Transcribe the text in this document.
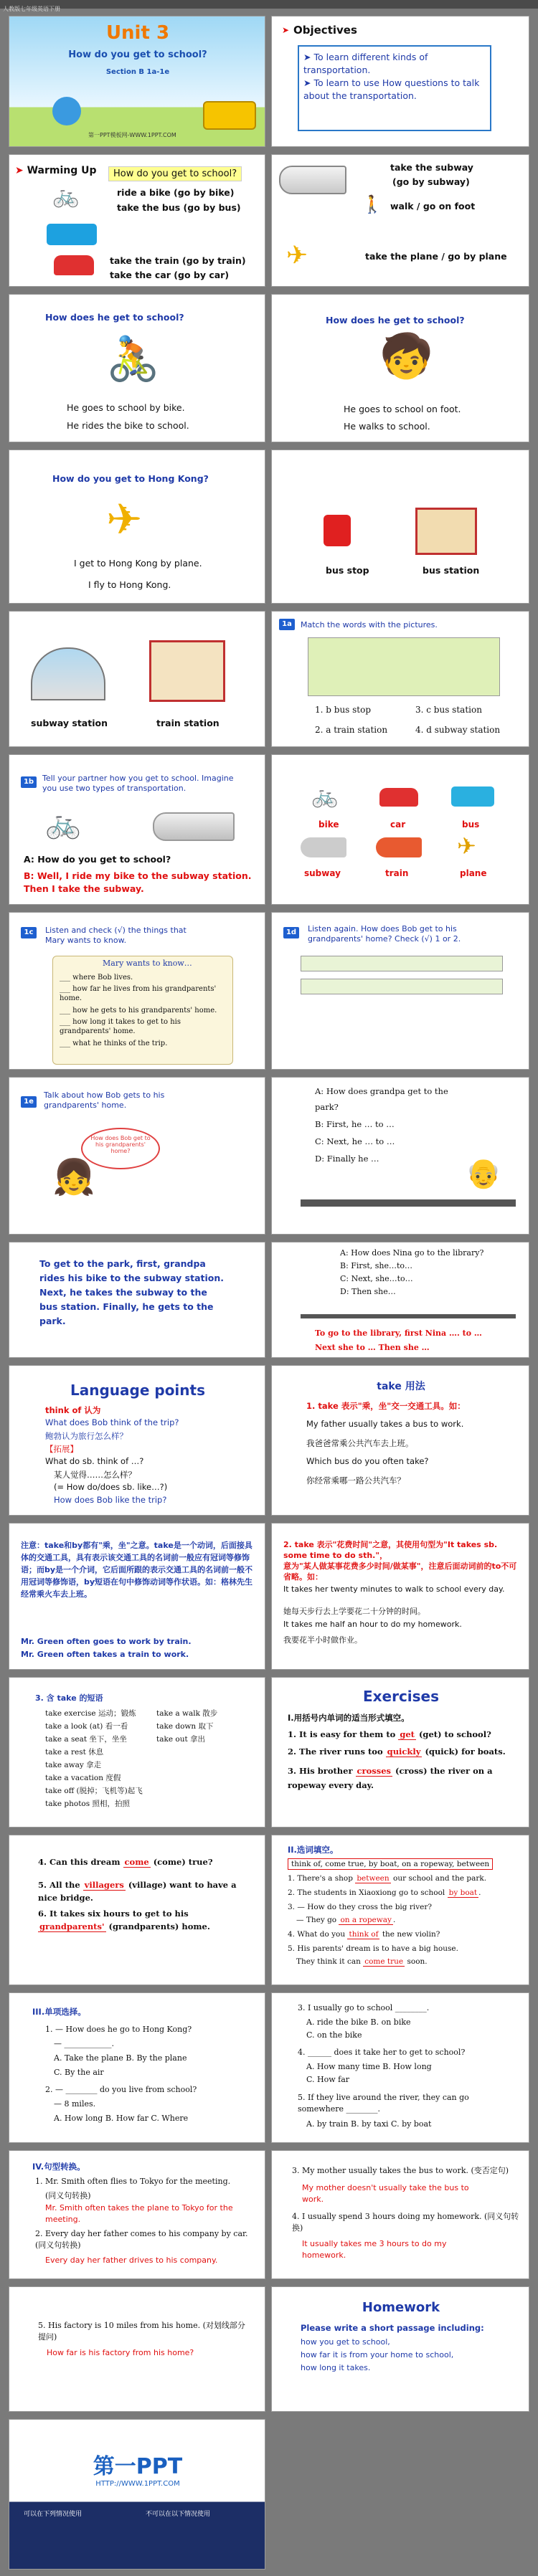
人教版七年级英语下册
Unit 3
How do you get to school?
Section B 1a-1e
第一PPT模板网-WWW.1PPT.COM
➤ Objectives
➤ To learn different kinds of transportation.
➤ To learn to use How questions to talk about the transportation.
➤ Warming Up	How do you get to school?
🚲	ride a bike (go by bike)
take the bus (go by bus)
take the train (go by train)
take the car (go by car)
take the subway
(go by subway)
🚶 walk / go on foot
✈	take the plane / go by plane
How does he get to school?
🚴
He goes to school by bike.
He rides the bike to school.
How does he get to school?
🧒
He goes to school on foot.
He walks to school.
How do you get to Hong Kong?
✈
I get to Hong Kong by plane.
I fly to Hong Kong.
bus stop	bus station
subway station	train station
1a	Match the words with the pictures.
1. b bus stop	3. c bus station
2. a train station	4. d subway station
1b	Tell your partner how you get to school. Imagine you use two types of transportation.
🚲
A: How do you get to school?
B: Well, I ride my bike to the subway station. Then I take the subway.
🚲
bike	car	bus
✈
subway	train	plane
1c	Listen and check (√) the things that Mary wants to know.
Mary wants to know…
___ where Bob lives.
___ how far he lives from his grandparents' home.
___ how he gets to his grandparents' home.
___ how long it takes to get to his grandparents' home.
___ what he thinks of the trip.
1d	Listen again. How does Bob get to his grandparents' home? Check (√) 1 or 2.
1e
Talk about how Bob gets to his grandparents' home.
How does Bob get to his grandparents' home?
👧
A: How does grandpa get to the
park?
B: First, he … to …
C: Next, he … to …
D: Finally he …	👴
To get to the park, first, grandpa rides his bike to the subway station. Next, he takes the subway to the bus station. Finally, he gets to the park.
A: How does Nina go to the library?
B: First, she…to…
C: Next, she…to…
D: Then she…
To go to the library, first Nina …. to …
Next she to … Then she …
Language points
think of 认为
What does Bob think of the trip?
鲍勃认为旅行怎么样？
【拓展】
What do sb. think of …?
某人觉得……怎么样？
(= How do/does sb. like…?)
How does Bob like the trip?
take 用法
1. take 表示"乘，坐"交一交通工具。如：
My father usually takes a bus to work.
我爸爸常乘公共汽车去上班。
Which bus do you often take?
你经常乘哪一路公共汽车？
注意：take和by都有"乘，坐"之意。take是一个动词，后面接具体的交通工具，具有表示该交通工具的名词前一般应有冠词等修饰语；而by是一个介词，它后面所跟的表示交通工具的名词前一般不用冠词等修饰语，by短语在句中修饰动词等作状语。如：格林先生经常乘火车去上班。
Mr. Green often goes to work by train.
Mr. Green often takes a train to work.
2. take 表示"花费时间"之意，其使用句型为"It takes sb. some time to do sth."，
意为"某人做某事花费多少时间/做某事"，注意后面动词前的to不可省略。如：
It takes her twenty minutes to walk to school every day.
她每天步行去上学要花二十分钟的时间。
It takes me half an hour to do my homework.
我要花半小时做作业。
3. 含 take 的短语
take exercise 运动；锻炼	take a walk 散步
take a look (at) 看一看	take down 取下
take a seat 坐下，坐坐	take out 拿出
take a rest 休息
take away 拿走
take a vacation 度假
take off (脱掉；飞机等)起飞
take photos 照相，拍照
Exercises
I.用括号内单词的适当形式填空。
1. It is easy for them to get (get) to school?
2. The river runs too quickly (quick) for boats.
3. His brother crosses (cross) the river on a ropeway every day.
4. Can this dream come (come) true?
5. All the villagers (village) want to have a nice bridge.
6. It takes six hours to get to his grandparents' (grandparents) home.
II.选词填空。
think of, come true, by boat, on a ropeway, between
1. There's a shop between our school and the park.
2. The students in Xiaoxiong go to school by boat .
3. — How do they cross the big river?
— They go on a ropeway .
4. What do you think of the new violin?
5. His parents' dream is to have a big house.
They think it can come true soon.
III.单项选择。
1. — How does he go to Hong Kong?
— ____________.
A. Take the plane B. By the plane
C. By the air
2. — ________ do you live from school?
— 8 miles.
A. How long B. How far C. Where
3. I usually go to school ________.
A. ride the bike B. on bike
C. on the bike
4. ______ does it take her to get to school?
A. How many time B. How long
C. How far
5. If they live around the river, they can go somewhere ________.
A. by train B. by taxi C. by boat
IV.句型转换。
1. Mr. Smith often flies to Tokyo for the meeting.
(同义句转换)
Mr. Smith often takes the plane to Tokyo for the meeting.
2. Every day her father comes to his company by car. (同义句转换)
Every day her father drives to his company.
3. My mother usually takes the bus to work. (变否定句)
My mother doesn't usually take the bus to work.
4. I usually spend 3 hours doing my homework. (同义句转换)
It usually takes me 3 hours to do my homework.
5. His factory is 10 miles from his home. (对划线部分提问)
How far is his factory from his home?
Homework
Please write a short passage including:
how you get to school,
how far it is from your home to school,
how long it takes.
第一PPT
HTTP://WWW.1PPT.COM
可以在下列情况使用	不可以在以下情况使用
